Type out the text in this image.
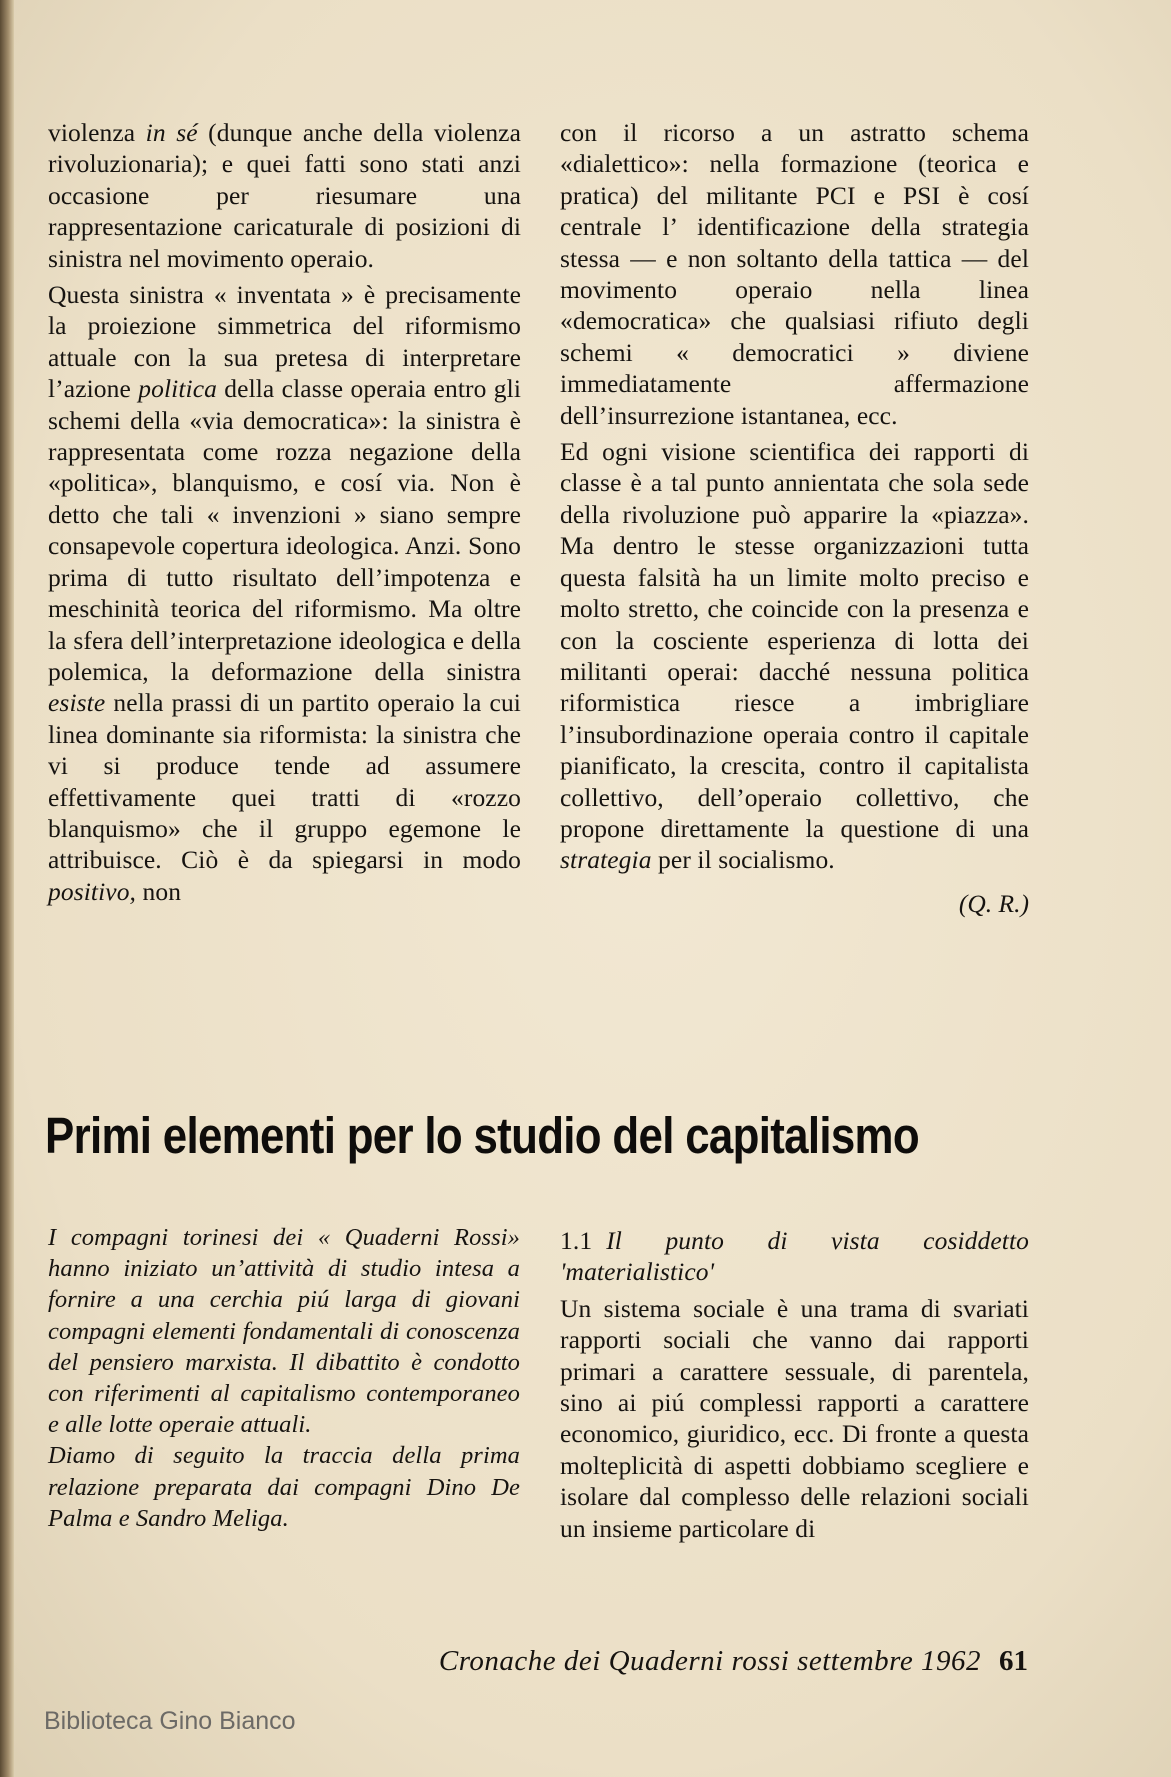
violenza in sé (dunque anche della violenza rivoluzionaria); e quei fatti sono stati anzi occasione per riesumare una rappresentazione caricaturale di posizioni di sinistra nel movimento operaio.

Questa sinistra « inventata » è precisamente la proiezione simmetrica del riformismo attuale con la sua pretesa di interpretare l’azione politica della classe operaia entro gli schemi della «via democratica»: la sinistra è rappresentata come rozza negazione della «politica», blanquismo, e cosí via. Non è detto che tali « invenzioni » siano sempre consapevole copertura ideologica. Anzi. Sono prima di tutto risultato dell’impotenza e meschinità teorica del riformismo. Ma oltre la sfera dell’interpretazione ideologica e della polemica, la deformazione della sinistra esiste nella prassi di un partito operaio la cui linea dominante sia riformista: la sinistra che vi si produce tende ad assumere effettivamente quei tratti di «rozzo blanquismo» che il gruppo egemone le attribuisce. Ciò è da spiegarsi in modo positivo, non

con il ricorso a un astratto schema «dialettico»: nella formazione (teorica e pratica) del militante PCI e PSI è cosí centrale l’ identificazione della strategia stessa — e non soltanto della tattica — del movimento operaio nella linea «democratica» che qualsiasi rifiuto degli schemi « democratici » diviene immediatamente affermazione dell’insurrezione istantanea, ecc.

Ed ogni visione scientifica dei rapporti di classe è a tal punto annientata che sola sede della rivoluzione può apparire la «piazza». Ma dentro le stesse organizzazioni tutta questa falsità ha un limite molto preciso e molto stretto, che coincide con la presenza e con la cosciente esperienza di lotta dei militanti operai: dacché nessuna politica riformistica riesce a imbrigliare l’insubordinazione operaia contro il capitale pianificato, la crescita, contro il capitalista collettivo, dell’operaio collettivo, che propone direttamente la questione di una strategia per il socialismo.

(Q. R.)
Primi elementi per lo studio del capitalismo

I compagni torinesi dei « Quaderni Rossi» hanno iniziato un’attività di studio intesa a fornire a una cerchia piú larga di giovani compagni elementi fondamentali di conoscenza del pensiero marxista. Il dibattito è condotto con riferimenti al capitalismo contemporaneo e alle lotte operaie attuali.

Diamo di seguito la traccia della prima relazione preparata dai compagni Dino De Palma e Sandro Meliga.

1.1 Il punto di vista cosiddetto 'materialistico'

Un sistema sociale è una trama di svariati rapporti sociali che vanno dai rapporti primari a carattere sessuale, di parentela, sino ai piú complessi rapporti a carattere economico, giuridico, ecc. Di fronte a questa molteplicità di aspetti dobbiamo scegliere e isolare dal complesso delle relazioni sociali un insieme particolare di

Cronache dei Quaderni rossi settembre 1962 61
Biblioteca Gino Bianco
